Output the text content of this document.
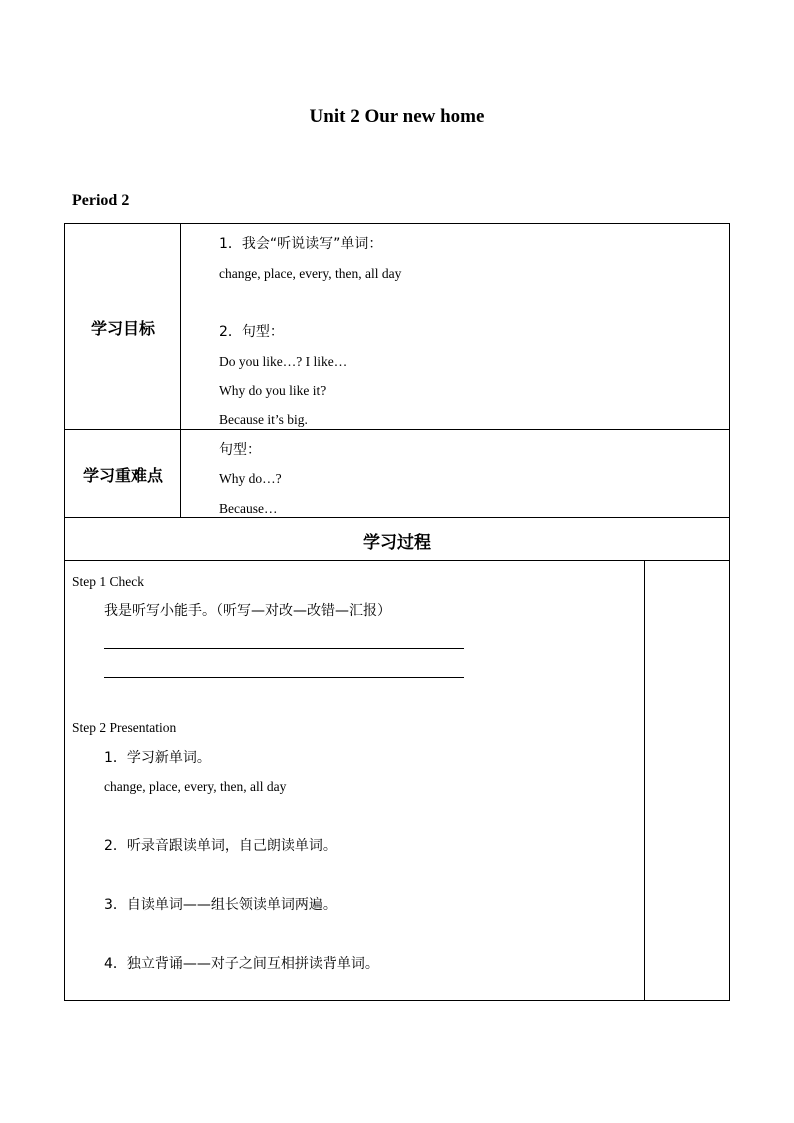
Unit 2 Our new home
Period 2
学习目标
1．我会“听说读写”单词：
change, place, every, then, all day
2．句型：
Do you like…? I like…
Why do you like it?
Because it’s big.
学习重难点
句型：
Why do…?
Because…
学习过程
Step 1 Check
我是听写小能手。（听写—对改—改错—汇报）
Step 2 Presentation
1．学习新单词。
change, place, every, then, all day
2．听录音跟读单词，自己朗读单词。
3．自读单词——组长领读单词两遍。
4．独立背诵——对子之间互相拼读背单词。
